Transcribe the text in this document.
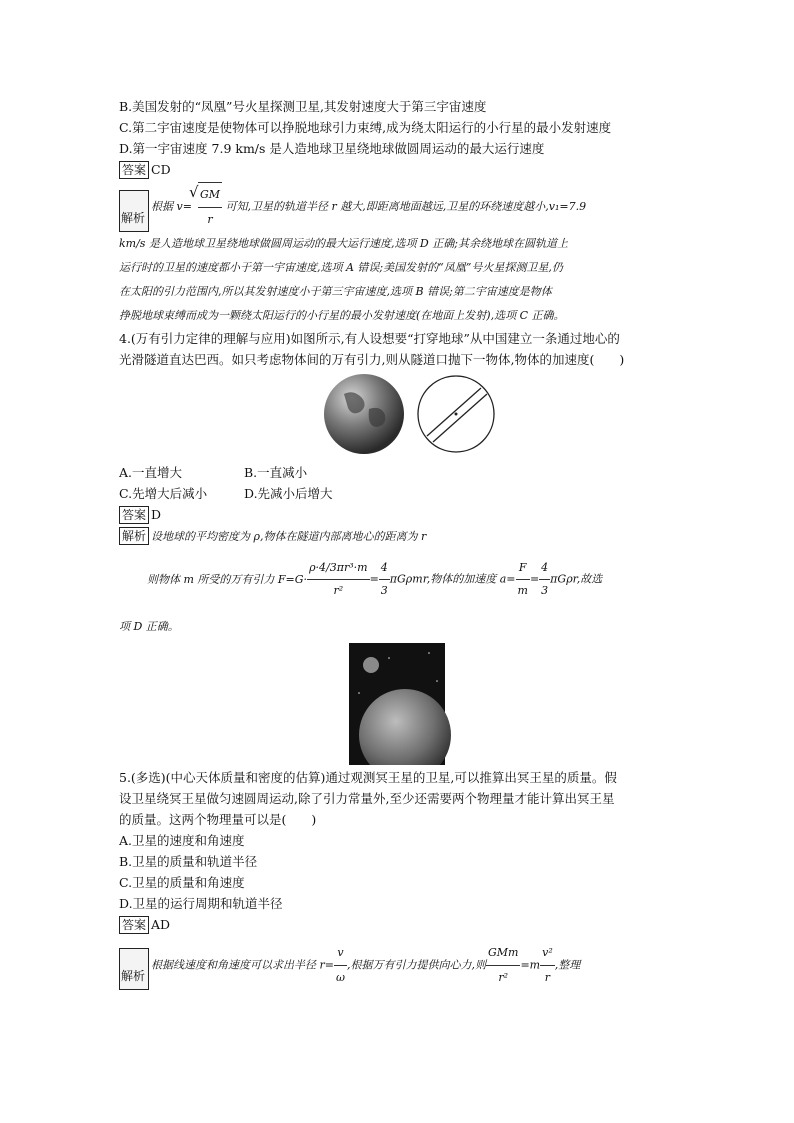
B.美国发射的“凤凰”号火星探测卫星,其发射速度大于第三宇宙速度
C.第二宇宙速度是使物体可以挣脱地球引力束缚,成为绕太阳运行的小行星的最小发射速度
D.第一宇宙速度 7.9 km/s 是人造地球卫星绕地球做圆周运动的最大运行速度
答案 CD
解析
根据 v=
√ $\frac{GM}{r}$ 可知,卫星的轨道半径 r 越大,即距离地面越远,卫星的环绕速度越小,v₁=7.9
km/s 是人造地球卫星绕地球做圆周运动的最大运行速度,选项 D 正确;其余绕地球在圆轨道上
运行时的卫星的速度都小于第一宇宙速度,选项 A 错误;美国发射的“凤凰”号火星探测卫星,仍
在太阳的引力范围内,所以其发射速度小于第三宇宙速度,选项 B 错误;第二宇宙速度是物体
挣脱地球束缚而成为一颗绕太阳运行的小行星的最小发射速度(在地面上发射),选项 C 正确。
4.(万有引力定律的理解与应用)如图所示,有人设想要“打穿地球”从中国建立一条通过地心的
光滑隧道直达巴西。如只考虑物体间的万有引力,则从隧道口抛下一物体,物体的加速度(　　)
A.一直增大	B.一直减小
C.先增大后减小	D.先减小后增大
答案 D
解析 设地球的平均密度为 ρ,物体在隧道内部离地心的距离为 r
则物体 m 所受的万有引力 $F=G\cdot \frac{\text{ρ·4/3πr³·m}}{\text{r²}} = \frac{4}{3} \pi G\rho mr$,物体的加速度 $a= \frac{F}{m} = \frac{4}{3} \pi G\rho r$,故选
项 D 正确。
5.(多选)(中心天体质量和密度的估算)通过观测冥王星的卫星,可以推算出冥王星的质量。假
设卫星绕冥王星做匀速圆周运动,除了引力常量外,至少还需要两个物理量才能计算出冥王星
的质量。这两个物理量可以是(　　)
A.卫星的速度和角速度
B.卫星的质量和轨道半径
C.卫星的质量和角速度
D.卫星的运行周期和轨道半径
答案 AD
解析
根据线速度和角速度可以求出半径 $r= \frac{v}{\omega}$ ,根据万有引力提供向心力,则 $\frac{\text{GMm}}{\text{r²}} =m \frac{\text{v²}}{r}$ ,整理
